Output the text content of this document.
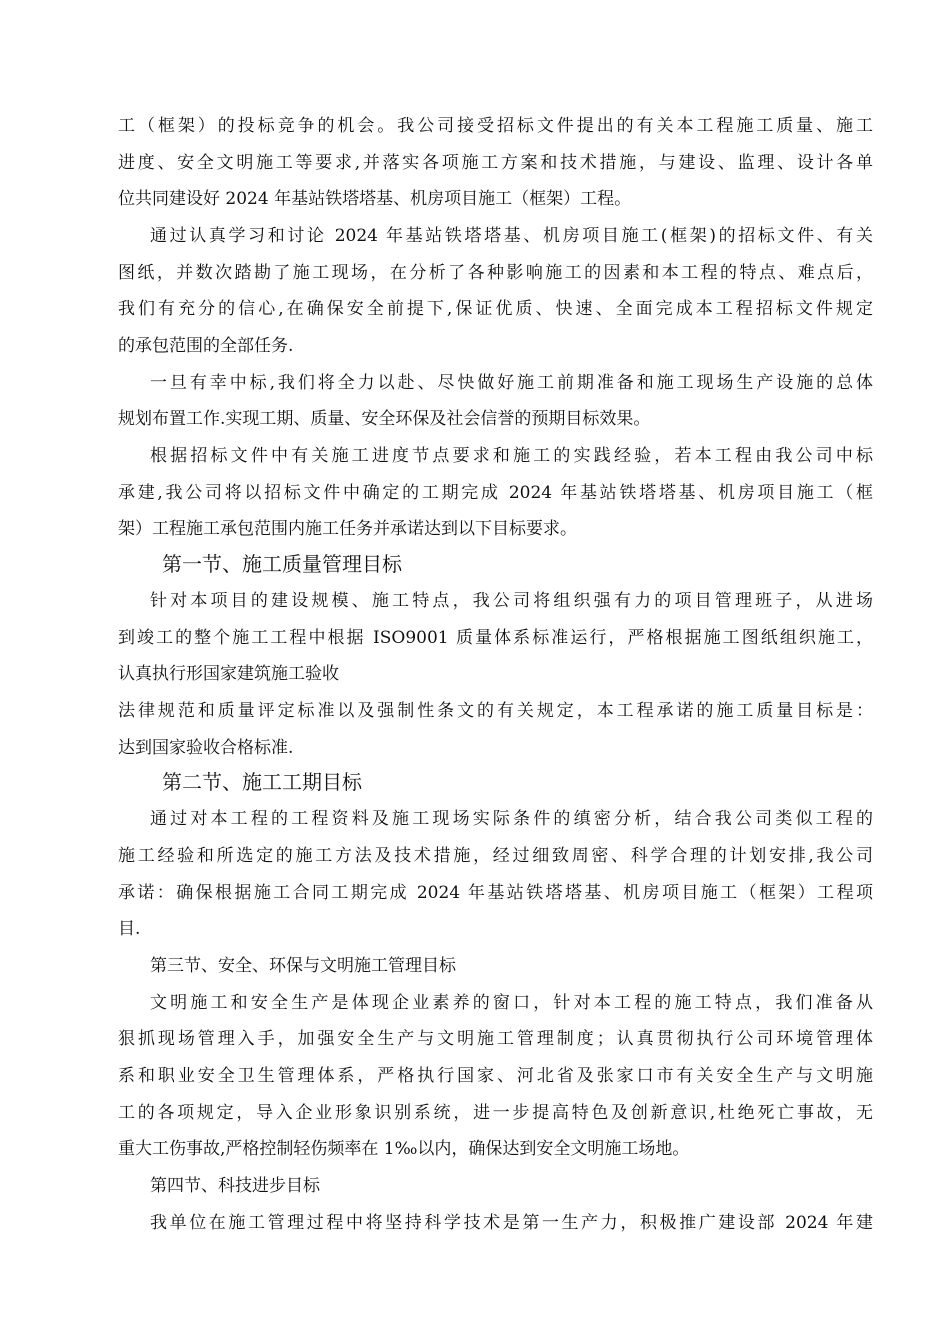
工（框架）的投标竞争的机会。我公司接受招标文件提出的有关本工程施工质量、施工
进度、安全文明施工等要求,并落实各项施工方案和技术措施，与建设、监理、设计各单
位共同建设好 2024 年基站铁塔塔基、机房项目施工（框架）工程。
通过认真学习和讨论 2024 年基站铁塔塔基、机房项目施工(框架)的招标文件、有关
图纸，并数次踏勘了施工现场，在分析了各种影响施工的因素和本工程的特点、难点后，
我们有充分的信心,在确保安全前提下,保证优质、快速、全面完成本工程招标文件规定
的承包范围的全部任务.
一旦有幸中标,我们将全力以赴、尽快做好施工前期准备和施工现场生产设施的总体
规划布置工作.实现工期、质量、安全环保及社会信誉的预期目标效果。
根据招标文件中有关施工进度节点要求和施工的实践经验，若本工程由我公司中标
承建,我公司将以招标文件中确定的工期完成 2024 年基站铁塔塔基、机房项目施工（框
架）工程施工承包范围内施工任务并承诺达到以下目标要求。
第一节、施工质量管理目标
针对本项目的建设规模、施工特点，我公司将组织强有力的项目管理班子，从进场
到竣工的整个施工工程中根据 ISO9001 质量体系标准运行，严格根据施工图纸组织施工，
认真执行形国家建筑施工验收
法律规范和质量评定标准以及强制性条文的有关规定，本工程承诺的施工质量目标是：
达到国家验收合格标准.
第二节、施工工期目标
通过对本工程的工程资料及施工现场实际条件的缜密分析，结合我公司类似工程的
施工经验和所选定的施工方法及技术措施，经过细致周密、科学合理的计划安排,我公司
承诺：确保根据施工合同工期完成 2024 年基站铁塔塔基、机房项目施工（框架）工程项
目.
第三节、安全、环保与文明施工管理目标
文明施工和安全生产是体现企业素养的窗口，针对本工程的施工特点，我们准备从
狠抓现场管理入手，加强安全生产与文明施工管理制度；认真贯彻执行公司环境管理体
系和职业安全卫生管理体系，严格执行国家、河北省及张家口市有关安全生产与文明施
工的各项规定，导入企业形象识别系统，进一步提高特色及创新意识,杜绝死亡事故，无
重大工伤事故,严格控制轻伤频率在 1‰以内，确保达到安全文明施工场地。
第四节、科技进步目标
我单位在施工管理过程中将坚持科学技术是第一生产力，积极推广建设部 2024 年建
